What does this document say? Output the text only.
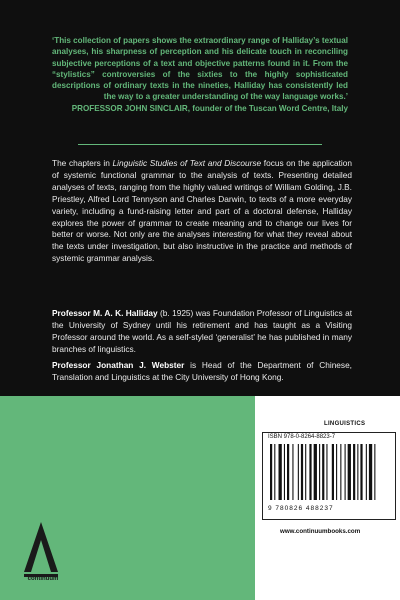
‘This collection of papers shows the extraordinary range of Halliday’s textual analyses, his sharpness of perception and his delicate touch in reconciling subjective perceptions of a text and objective patterns found in it. From the “stylistics” controversies of the sixties to the highly sophisticated descriptions of ordinary texts in the nineties, Halliday has consistently led the way to a greater understanding of the way language works.’

PROFESSOR JOHN SINCLAIR, founder of the Tuscan Word Centre, Italy
The chapters in Linguistic Studies of Text and Discourse focus on the application of systemic functional grammar to the analysis of texts. Presenting detailed analyses of texts, ranging from the highly valued writings of William Golding, J.B. Priestley, Alfred Lord Tennyson and Charles Darwin, to texts of a more everyday variety, including a fund-raising letter and part of a doctoral defense, Halliday explores the power of grammar to create meaning and to change our lives for better or worse. Not only are the analyses interesting for what they reveal about the texts under investigation, but also instructive in the practice and methods of systemic grammar analysis.
Professor M. A. K. Halliday (b. 1925) was Foundation Professor of Linguistics at the University of Sydney until his retirement and has taught as a Visiting Professor around the world. As a self-styled ‘generalist’ he has published in many branches of linguistics.
Professor Jonathan J. Webster is Head of the Department of Chinese, Translation and Linguistics at the City University of Hong Kong.
continuum
LINGUISTICS
ISBN 978-0-8264-8823-7
9 780826 488237
www.continuumbooks.com
